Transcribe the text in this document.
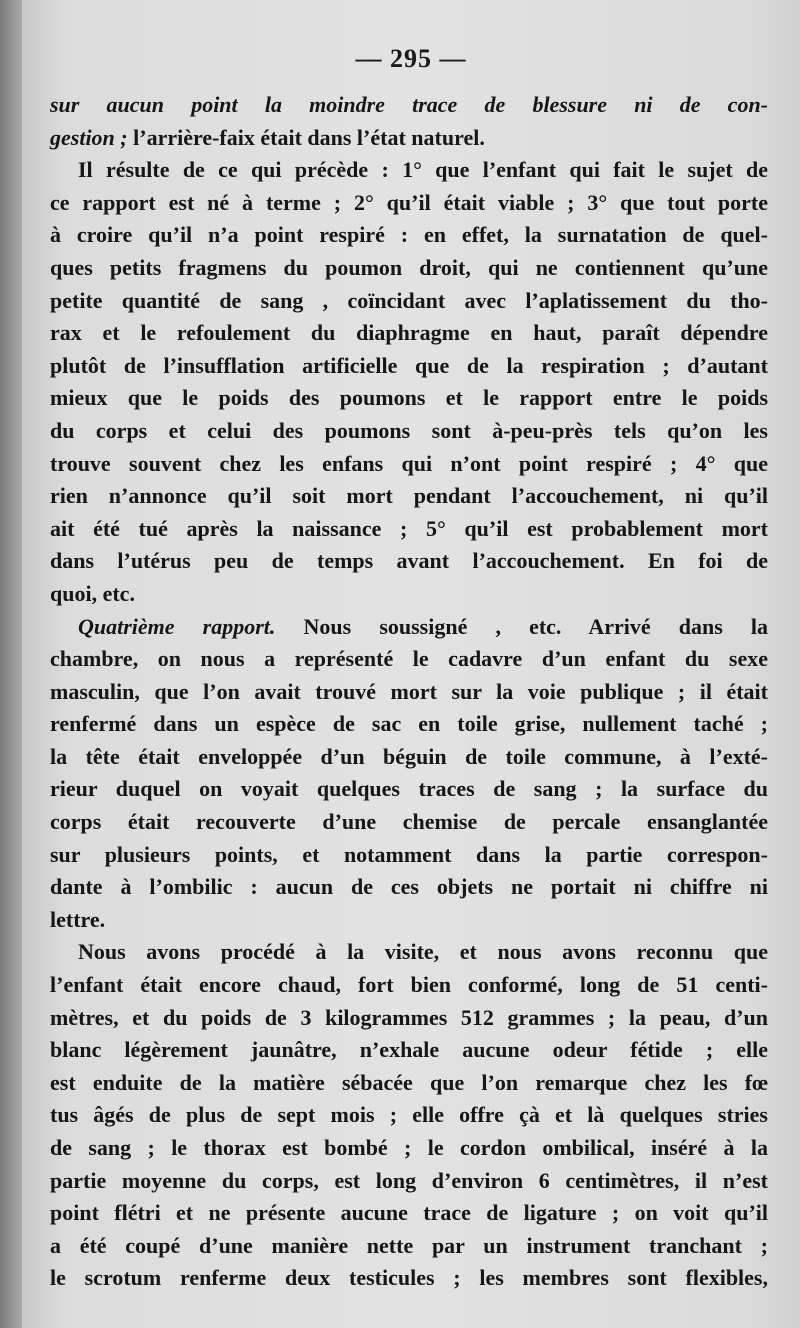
— 295 —
sur aucun point la moindre trace de blessure ni de con-
gestion ; l’arrière-faix était dans l’état naturel.
Il résulte de ce qui précède : 1° que l’enfant qui fait le sujet de
ce rapport est né à terme ; 2° qu’il était viable ; 3° que tout porte
à croire qu’il n’a point respiré : en effet, la surnatation de quel-
ques petits fragmens du poumon droit, qui ne contiennent qu’une
petite quantité de sang , coïncidant avec l’aplatissement du tho-
rax et le refoulement du diaphragme en haut, paraît dépendre
plutôt de l’insufflation artificielle que de la respiration ; d’autant
mieux que le poids des poumons et le rapport entre le poids
du corps et celui des poumons sont à-peu-près tels qu’on les
trouve souvent chez les enfans qui n’ont point respiré ; 4° que
rien n’annonce qu’il soit mort pendant l’accouchement, ni qu’il
ait été tué après la naissance ; 5° qu’il est probablement mort
dans l’utérus peu de temps avant l’accouchement. En foi de
quoi, etc.
Quatrième rapport. Nous soussigné , etc. Arrivé dans la
chambre, on nous a représenté le cadavre d’un enfant du sexe
masculin, que l’on avait trouvé mort sur la voie publique ; il était
renfermé dans un espèce de sac en toile grise, nullement taché ;
la tête était enveloppée d’un béguin de toile commune, à l’exté-
rieur duquel on voyait quelques traces de sang ; la surface du
corps était recouverte d’une chemise de percale ensanglantée
sur plusieurs points, et notamment dans la partie correspon-
dante à l’ombilic : aucun de ces objets ne portait ni chiffre ni
lettre.
Nous avons procédé à la visite, et nous avons reconnu que
l’enfant était encore chaud, fort bien conformé, long de 51 centi-
mètres, et du poids de 3 kilogrammes 512 grammes ; la peau, d’un
blanc légèrement jaunâtre, n’exhale aucune odeur fétide ; elle
est enduite de la matière sébacée que l’on remarque chez les fœ
tus âgés de plus de sept mois ; elle offre çà et là quelques stries
de sang ; le thorax est bombé ; le cordon ombilical, inséré à la
partie moyenne du corps, est long d’environ 6 centimètres, il n’est
point flétri et ne présente aucune trace de ligature ; on voit qu’il
a été coupé d’une manière nette par un instrument tranchant ;
le scrotum renferme deux testicules ; les membres sont flexibles,
